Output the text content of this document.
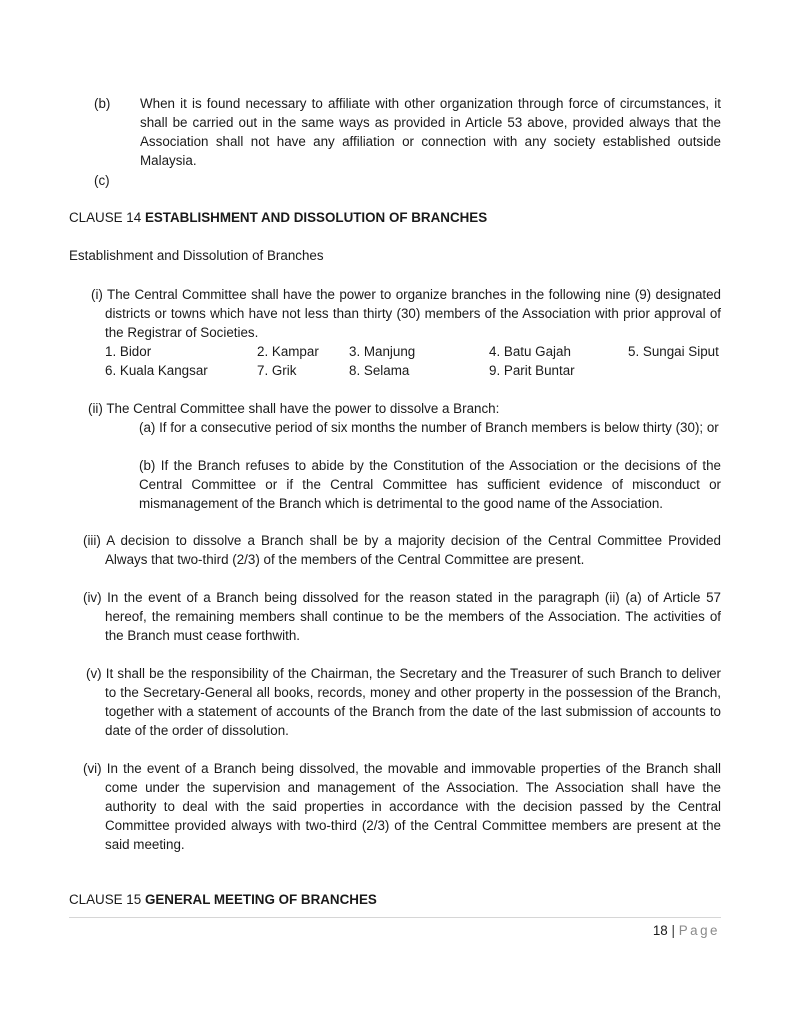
(b) When it is found necessary to affiliate with other organization through force of circumstances, it shall be carried out in the same ways as provided in Article 53 above, provided always that the Association shall not have any affiliation or connection with any society established outside Malaysia.
(c)
CLAUSE 14 ESTABLISHMENT AND DISSOLUTION OF BRANCHES
Establishment and Dissolution of Branches
(i) The Central Committee shall have the power to organize branches in the following nine (9) designated districts or towns which have not less than thirty (30) members of the Association with prior approval of the Registrar of Societies.
1. Bidor	2. Kampar 3. Manjung	4. Batu Gajah	5. Sungai Siput
6. Kuala Kangsar	7. Grik	8. Selama	9. Parit Buntar
(ii) The Central Committee shall have the power to dissolve a Branch:
(a) If for a consecutive period of six months the number of Branch members is below thirty (30); or
(b) If the Branch refuses to abide by the Constitution of the Association or the decisions of the Central Committee or if the Central Committee has sufficient evidence of misconduct or mismanagement of the Branch which is detrimental to the good name of the Association.
(iii) A decision to dissolve a Branch shall be by a majority decision of the Central Committee Provided Always that two-third (2/3) of the members of the Central Committee are present.
(iv) In the event of a Branch being dissolved for the reason stated in the paragraph (ii) (a) of Article 57 hereof, the remaining members shall continue to be the members of the Association. The activities of the Branch must cease forthwith.
(v) It shall be the responsibility of the Chairman, the Secretary and the Treasurer of such Branch to deliver to the Secretary-General all books, records, money and other property in the possession of the Branch, together with a statement of accounts of the Branch from the date of the last submission of accounts to date of the order of dissolution.
(vi) In the event of a Branch being dissolved, the movable and immovable properties of the Branch shall come under the supervision and management of the Association. The Association shall have the authority to deal with the said properties in accordance with the decision passed by the Central Committee provided always with two-third (2/3) of the Central Committee members are present at the said meeting.
CLAUSE 15 GENERAL MEETING OF BRANCHES
18 | Page
